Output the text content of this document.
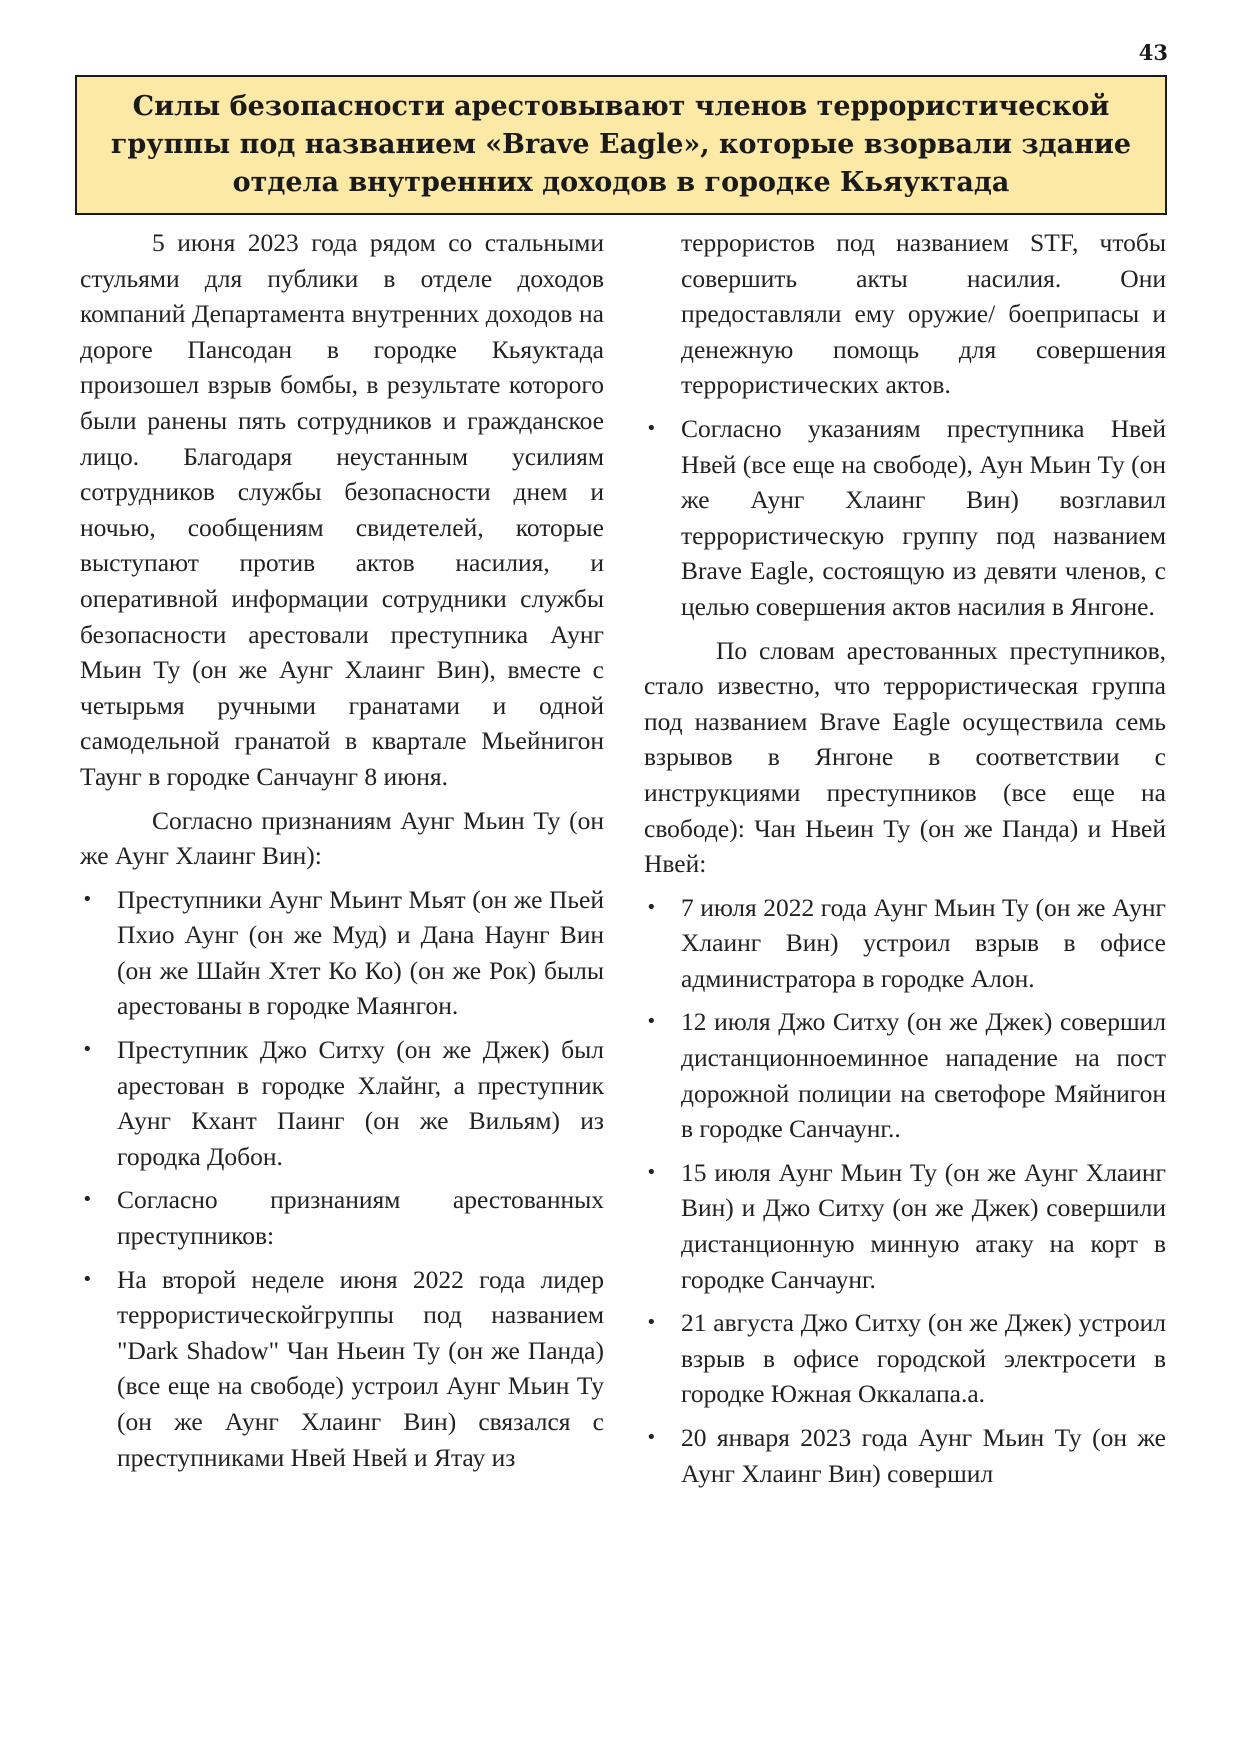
43
Силы безопасности арестовывают членов террористической группы под названием «Brave Eagle», которые взорвали здание отдела внутренних доходов в городке Кьяуктада

5 июня 2023 года рядом со стальными стульями для публики в отделе доходов компаний Департамента внутренних доходов на дороге Пансодан в городке Кьяуктада произошел взрыв бомбы, в результате которого были ранены пять сотрудников и гражданское лицо. Благодаря неустанным усилиям сотрудников службы безопасности днем и ночью, сообщениям свидетелей, которые выступают против актов насилия, и оперативной информации сотрудники службы безопасности арестовали преступника Аунг Мьин Ту (он же Аунг Хлаинг Вин), вместе с четырьмя ручными гранатами и одной самодельной гранатой в квартале Мьейнигон Таунг в городке Санчаунг 8 июня.

Согласно признаниям Аунг Мьин Ту (он же Аунг Хлаинг Вин):

• Преступники Аунг Мьинт Мьят (он же Пьей Пхио Аунг (он же Муд) и Дана Наунг Вин (он же Шайн Хтет Ко Ко) (он же Рок) былы арестованы в городке Маянгон.
• Преступник Джо Ситху (он же Джек) был арестован в городке Хлайнг, а преступник Аунг Кхант Паинг (он же Вильям) из городка Добон.
• Согласно признаниям арестованных преступников:
• На второй неделе июня 2022 года лидер террористическойгруппы под названием "Dark Shadow" Чан Ньеин Ту (он же Панда) (все еще на свободе) устроил Аунг Мьин Ту (он же Аунг Хлаинг Вин) связался с преступниками Нвей Нвей и Ятау из
террористов под названием STF, чтобы совершить акты насилия. Они предоставляли ему оружие/ боеприпасы и денежную помощь для совершения террористических актов.
• Согласно указаниям преступника Нвей Нвей (все еще на свободе), Аун Мьин Ту (он же Аунг Хлаинг Вин) возглавил террористическую группу под названием Brave Eagle, состоящую из девяти членов, с целью совершения актов насилия в Янгоне.

По словам арестованных преступников, стало известно, что террористическая группа под названием Brave Eagle осуществила семь взрывов в Янгоне в соответствии с инструкциями преступников (все еще на свободе): Чан Ньеин Ту (он же Панда) и Нвей Нвей:

• 7 июля 2022 года Аунг Мьин Ту (он же Аунг Хлаинг Вин) устроил взрыв в офисе администратора в городке Алон.
• 12 июля Джо Ситху (он же Джек) совершил дистанционноеминное нападение на пост дорожной полиции на светофоре Мяйнигон в городке Санчаунг..
• 15 июля Аунг Мьин Ту (он же Аунг Хлаинг Вин) и Джо Ситху (он же Джек) совершили дистанционную минную атаку на корт в городке Санчаунг.
• 21 августа Джо Ситху (он же Джек) устроил взрыв в офисе городской электросети в городке Южная Оккалапа.а.
• 20 января 2023 года Аунг Мьин Ту (он же Аунг Хлаинг Вин) совершил
